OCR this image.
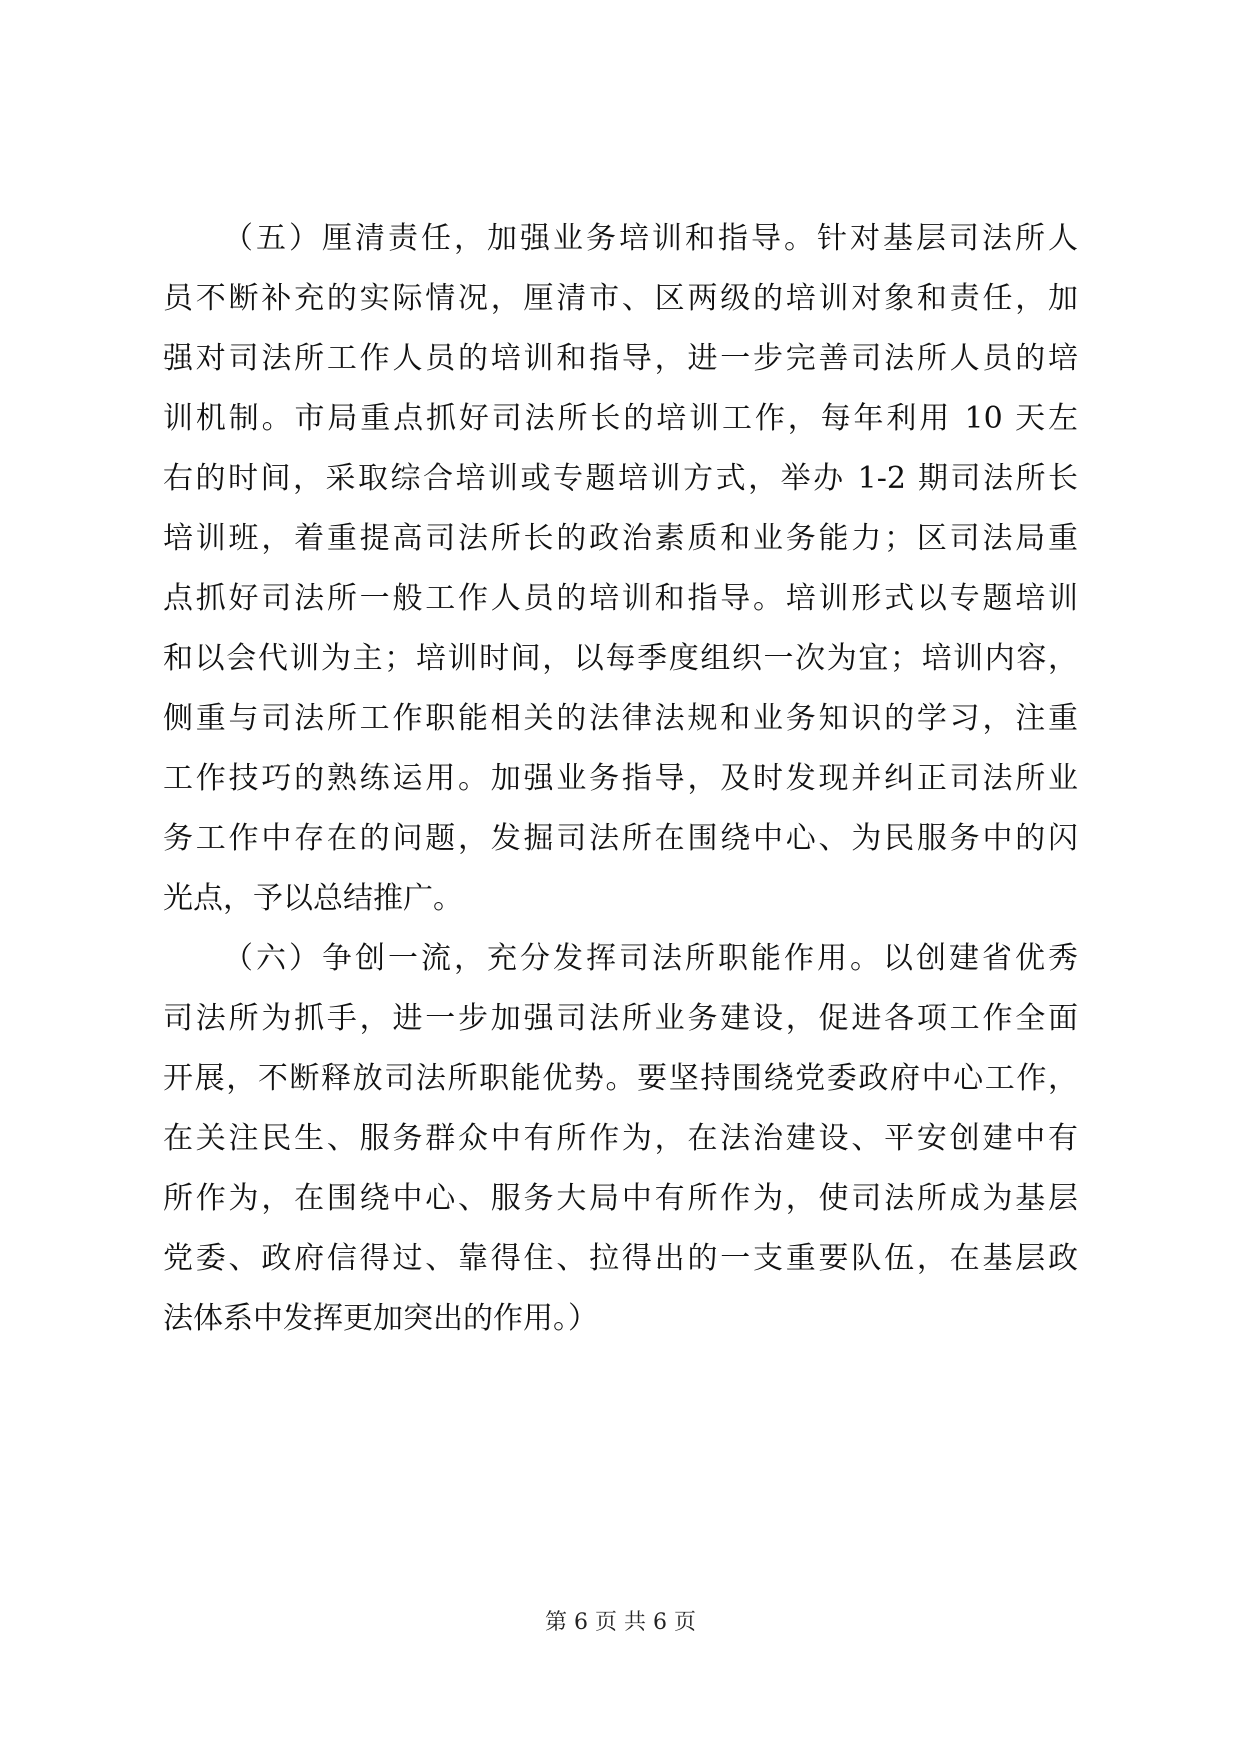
（五）厘清责任，加强业务培训和指导。针对基层司法所人
员不断补充的实际情况，厘清市、区两级的培训对象和责任，加
强对司法所工作人员的培训和指导，进一步完善司法所人员的培
训机制。市局重点抓好司法所长的培训工作，每年利用 10 天左
右的时间，采取综合培训或专题培训方式，举办 1-2 期司法所长
培训班，着重提高司法所长的政治素质和业务能力；区司法局重
点抓好司法所一般工作人员的培训和指导。培训形式以专题培训
和以会代训为主；培训时间，以每季度组织一次为宜；培训内容，
侧重与司法所工作职能相关的法律法规和业务知识的学习，注重
工作技巧的熟练运用。加强业务指导，及时发现并纠正司法所业
务工作中存在的问题，发掘司法所在围绕中心、为民服务中的闪
光点，予以总结推广。
（六）争创一流，充分发挥司法所职能作用。以创建省优秀
司法所为抓手，进一步加强司法所业务建设，促进各项工作全面
开展，不断释放司法所职能优势。要坚持围绕党委政府中心工作，
在关注民生、服务群众中有所作为，在法治建设、平安创建中有
所作为，在围绕中心、服务大局中有所作为，使司法所成为基层
党委、政府信得过、靠得住、拉得出的一支重要队伍，在基层政
法体系中发挥更加突出的作用。）
第 6 页 共 6 页
